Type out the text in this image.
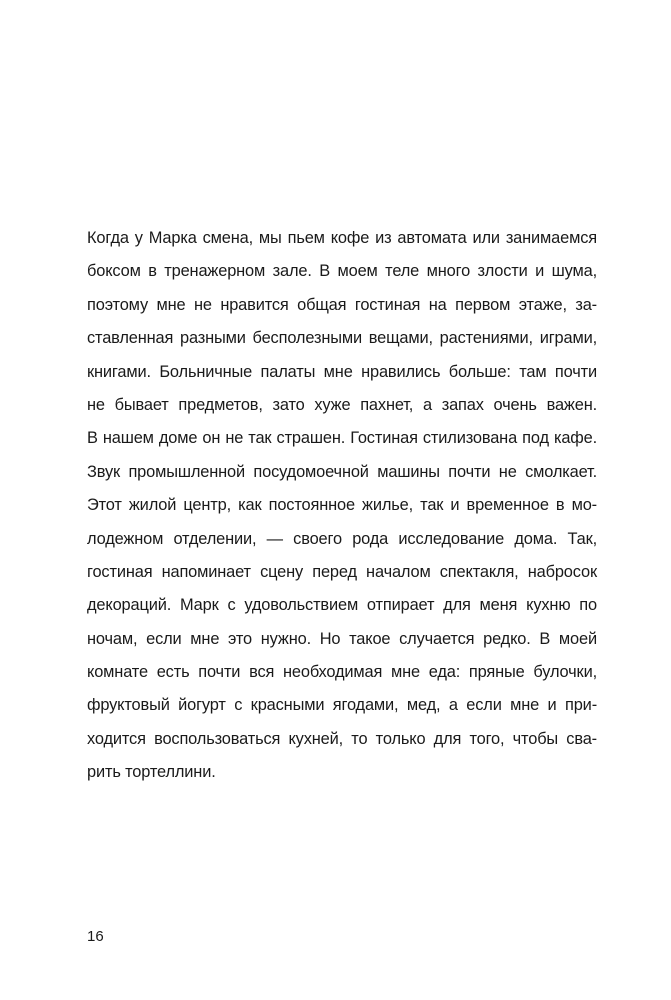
Когда у Марка смена, мы пьем кофе из автомата или занимаемся
боксом в тренажерном зале. В моем теле много злости и шума,
поэтому мне не нравится общая гостиная на первом этаже, за-
ставленная разными бесполезными вещами, растениями, играми,
книгами. Больничные палаты мне нравились больше: там почти
не бывает предметов, зато хуже пахнет, а запах очень важен.
В нашем доме он не так страшен. Гостиная стилизована под кафе.
Звук промышленной посудомоечной машины почти не смолкает.
Этот жилой центр, как постоянное жилье, так и временное в мо-
лодежном отделении, — своего рода исследование дома. Так,
гостиная напоминает сцену перед началом спектакля, набросок
декораций. Марк с удовольствием отпирает для меня кухню по
ночам, если мне это нужно. Но такое случается редко. В моей
комнате есть почти вся необходимая мне еда: пряные булочки,
фруктовый йогурт с красными ягодами, мед, а если мне и при-
ходится воспользоваться кухней, то только для того, чтобы сва-
рить тортеллини.
16
